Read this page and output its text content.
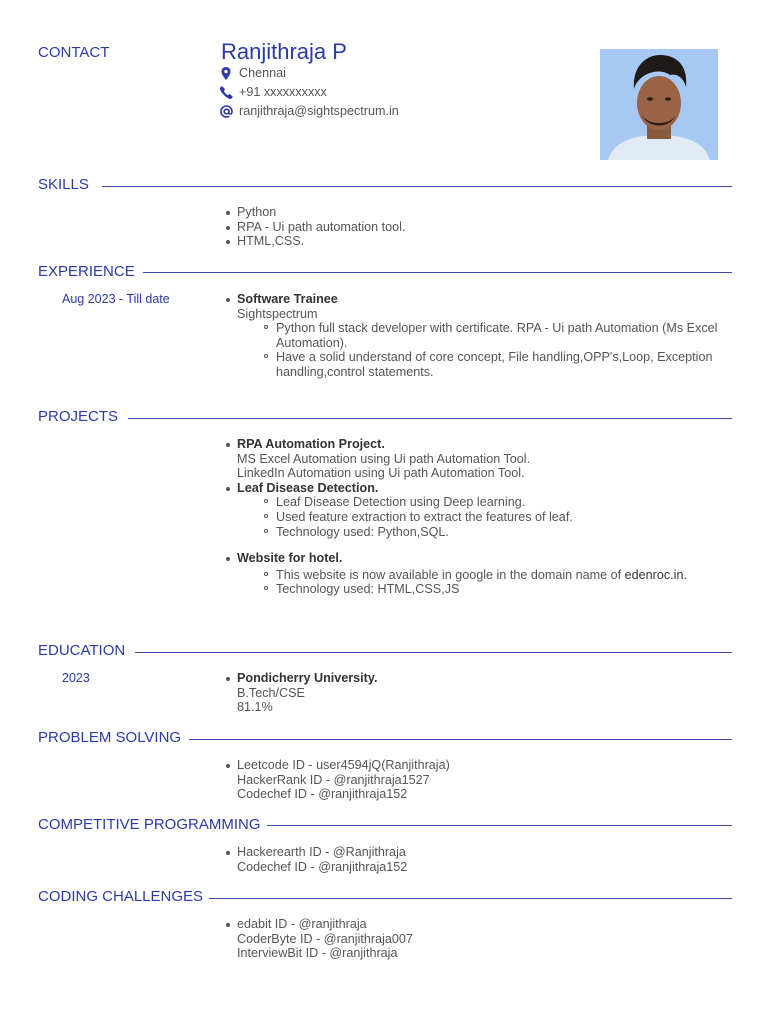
CONTACT	Ranjithraja P
Chennai
+91 xxxxxxxxxx
ranjithraja@sightspectrum.in
SKILLS
Python
RPA - Ui path automation tool.
HTML,CSS.
EXPERIENCE
Aug 2023 - Till date	Software Trainee
Sightspectrum
Python full stack developer with certificate. RPA - Ui path Automation (Ms Excel Automation).
Have a solid understand of core concept, File handling,OPP's,Loop, Exception handling,control statements.
PROJECTS
RPA Automation Project.
MS Excel Automation using Ui path Automation Tool.
LinkedIn Automation using Ui path Automation Tool.
Leaf Disease Detection.
Leaf Disease Detection using Deep learning.
Used feature extraction to extract the features of leaf.
Technology used: Python,SQL.
Website for hotel.
This website is now available in google in the domain name of edenroc.in.
Technology used: HTML,CSS,JS
EDUCATION
2023	Pondicherry University.
B.Tech/CSE
81.1%
PROBLEM SOLVING
Leetcode ID - user4594jQ(Ranjithraja)
HackerRank ID - @ranjithraja1527
Codechef ID - @ranjithraja152
COMPETITIVE PROGRAMMING
Hackerearth ID - @Ranjithraja
Codechef ID - @ranjithraja152
CODING CHALLENGES
edabit ID - @ranjithraja
CoderByte ID - @ranjithraja007
InterviewBit ID - @ranjithraja
